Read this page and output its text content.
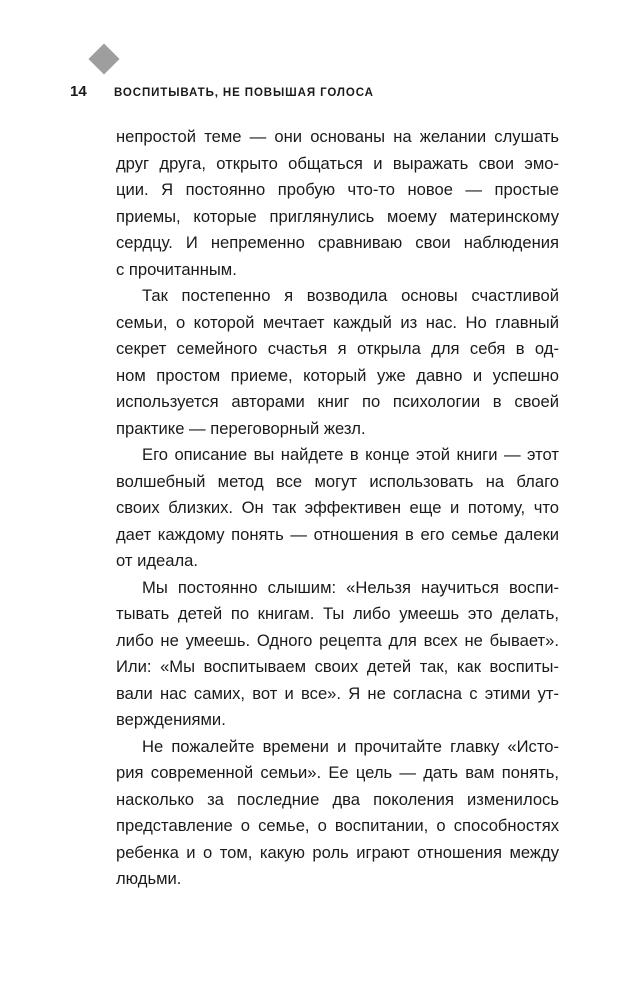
14	ВОСПИТЫВАТЬ, НЕ ПОВЫШАЯ ГОЛОСА
непростой теме — они основаны на желании слушать
друг друга, открыто общаться и выражать свои эмо-
ции. Я постоянно пробую что-то новое — простые
приемы, которые приглянулись моему материнскому
сердцу. И непременно сравниваю свои наблюдения
с прочитанным.
Так постепенно я возводила основы счастливой
семьи, о которой мечтает каждый из нас. Но главный
секрет семейного счастья я открыла для себя в од-
ном простом приеме, который уже давно и успешно
используется авторами книг по психологии в своей
практике — переговорный жезл.
Его описание вы найдете в конце этой книги — этот
волшебный метод все могут использовать на благо
своих близких. Он так эффективен еще и потому, что
дает каждому понять — отношения в его семье далеки
от идеала.
Мы постоянно слышим: «Нельзя научиться воспи-
тывать детей по книгам. Ты либо умеешь это делать,
либо не умеешь. Одного рецепта для всех не бывает».
Или: «Мы воспитываем своих детей так, как воспиты-
вали нас самих, вот и все». Я не согласна с этими ут-
верждениями.
Не пожалейте времени и прочитайте главку «Исто-
рия современной семьи». Ее цель — дать вам понять,
насколько за последние два поколения изменилось
представление о семье, о воспитании, о способностях
ребенка и о том, какую роль играют отношения между
людьми.
